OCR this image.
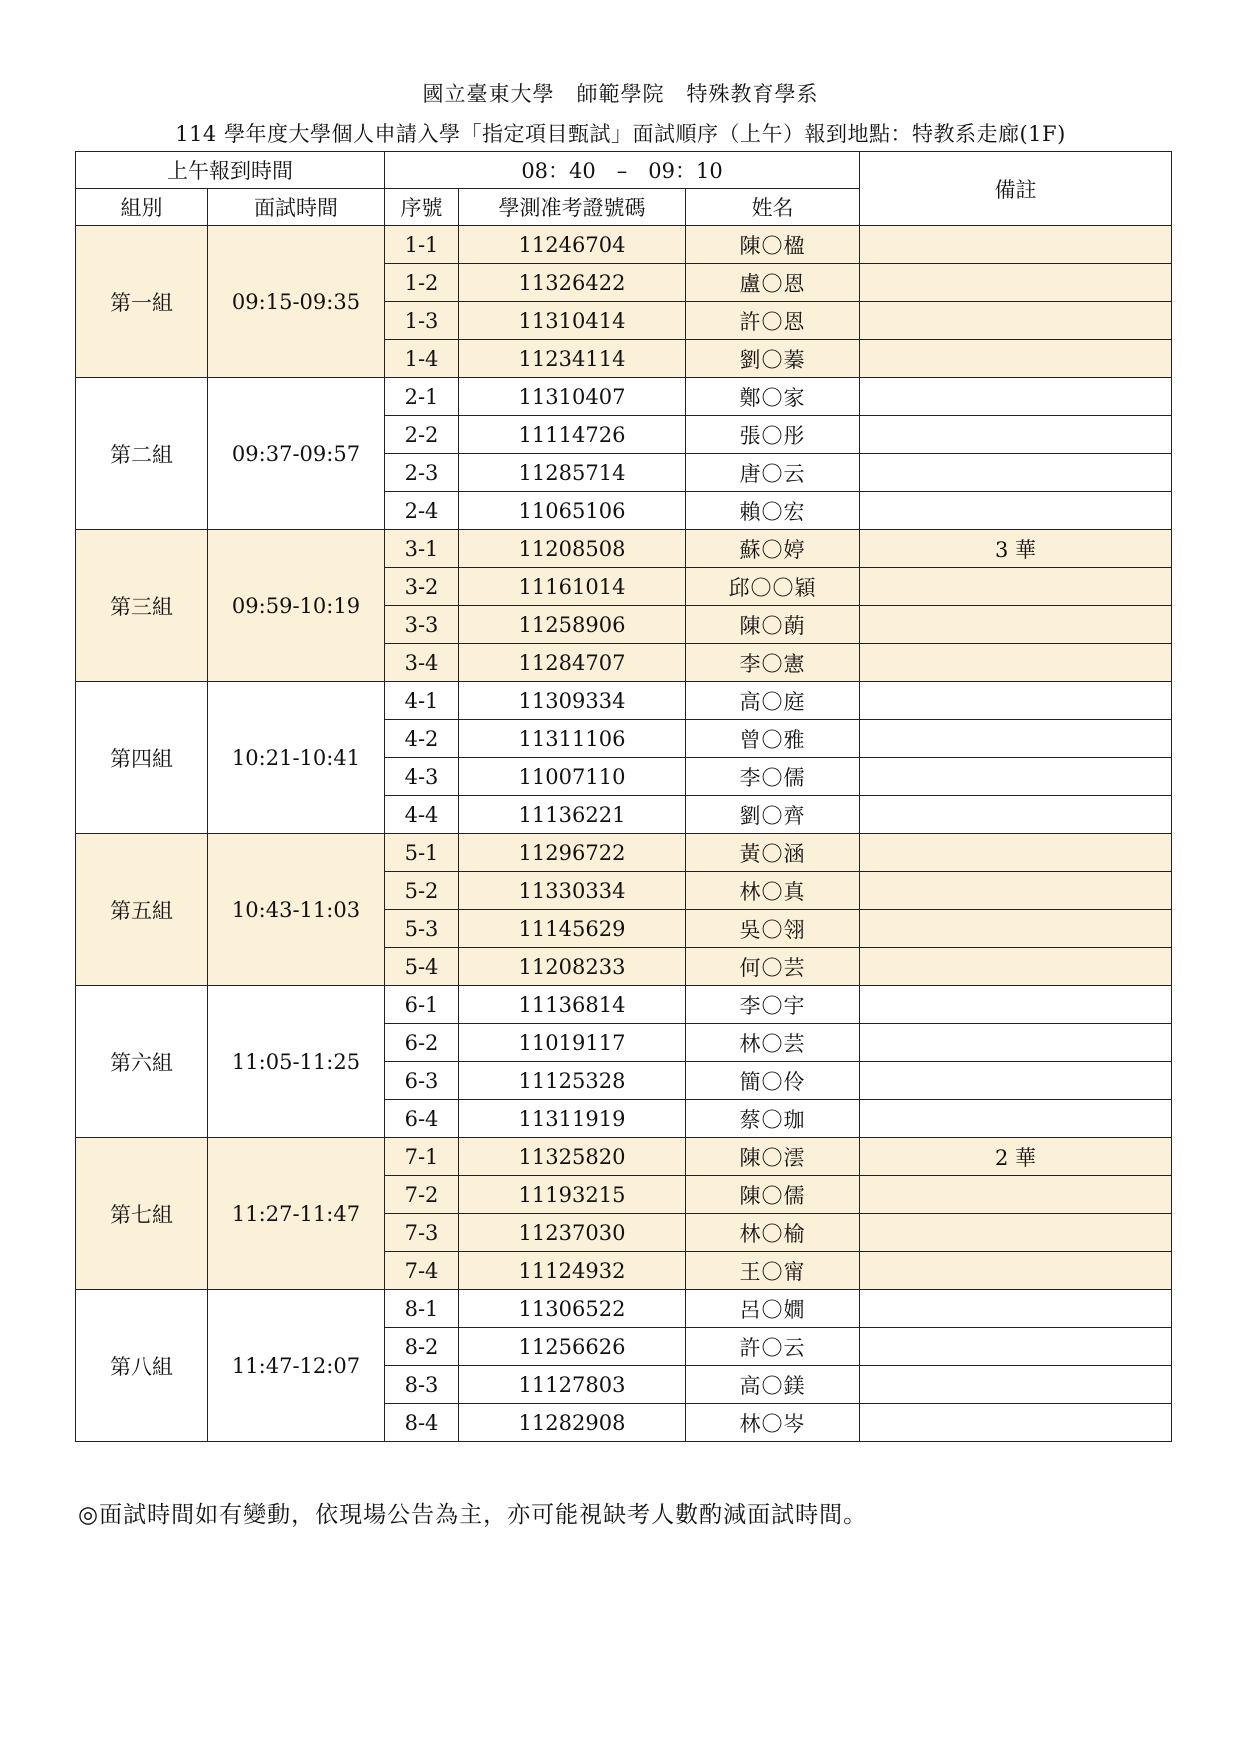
國立臺東大學　師範學院　特殊教育學系
114 學年度大學個人申請入學「指定項目甄試」面試順序（上午）報到地點：特教系走廊(1F)
上午報到時間		08：40　–　09：10			備註
組別	面試時間	序號	學測准考證號碼	姓名	
第一組	09:15-09:35	1-1	11246704	陳〇楹	
		1-2	11326422	盧〇恩	
		1-3	11310414	許〇恩	
		1-4	11234114	劉〇蓁	
第二組	09:37-09:57	2-1	11310407	鄭〇家	
		2-2	11114726	張〇彤	
		2-3	11285714	唐〇云	
		2-4	11065106	賴〇宏	
第三組	09:59-10:19	3-1	11208508	蘇〇婷	3 華
		3-2	11161014	邱〇〇穎	
		3-3	11258906	陳〇蓢	
		3-4	11284707	李〇憲	
第四組	10:21-10:41	4-1	11309334	高〇庭	
		4-2	11311106	曾〇雅	
		4-3	11007110	李〇儒	
		4-4	11136221	劉〇齊	
第五組	10:43-11:03	5-1	11296722	黃〇涵	
		5-2	11330334	林〇真	
		5-3	11145629	吳〇翎	
		5-4	11208233	何〇芸	
第六組	11:05-11:25	6-1	11136814	李〇宇	
		6-2	11019117	林〇芸	
		6-3	11125328	簡〇伶	
		6-4	11311919	蔡〇珈	
第七組	11:27-11:47	7-1	11325820	陳〇澐	2 華
		7-2	11193215	陳〇儒	
		7-3	11237030	林〇榆	
		7-4	11124932	王〇甯	
第八組	11:47-12:07	8-1	11306522	呂〇嫺	
		8-2	11256626	許〇云	
		8-3	11127803	高〇鎂	
		8-4	11282908	林〇岑	
◎面試時間如有變動，依現場公告為主，亦可能視缺考人數酌減面試時間。
